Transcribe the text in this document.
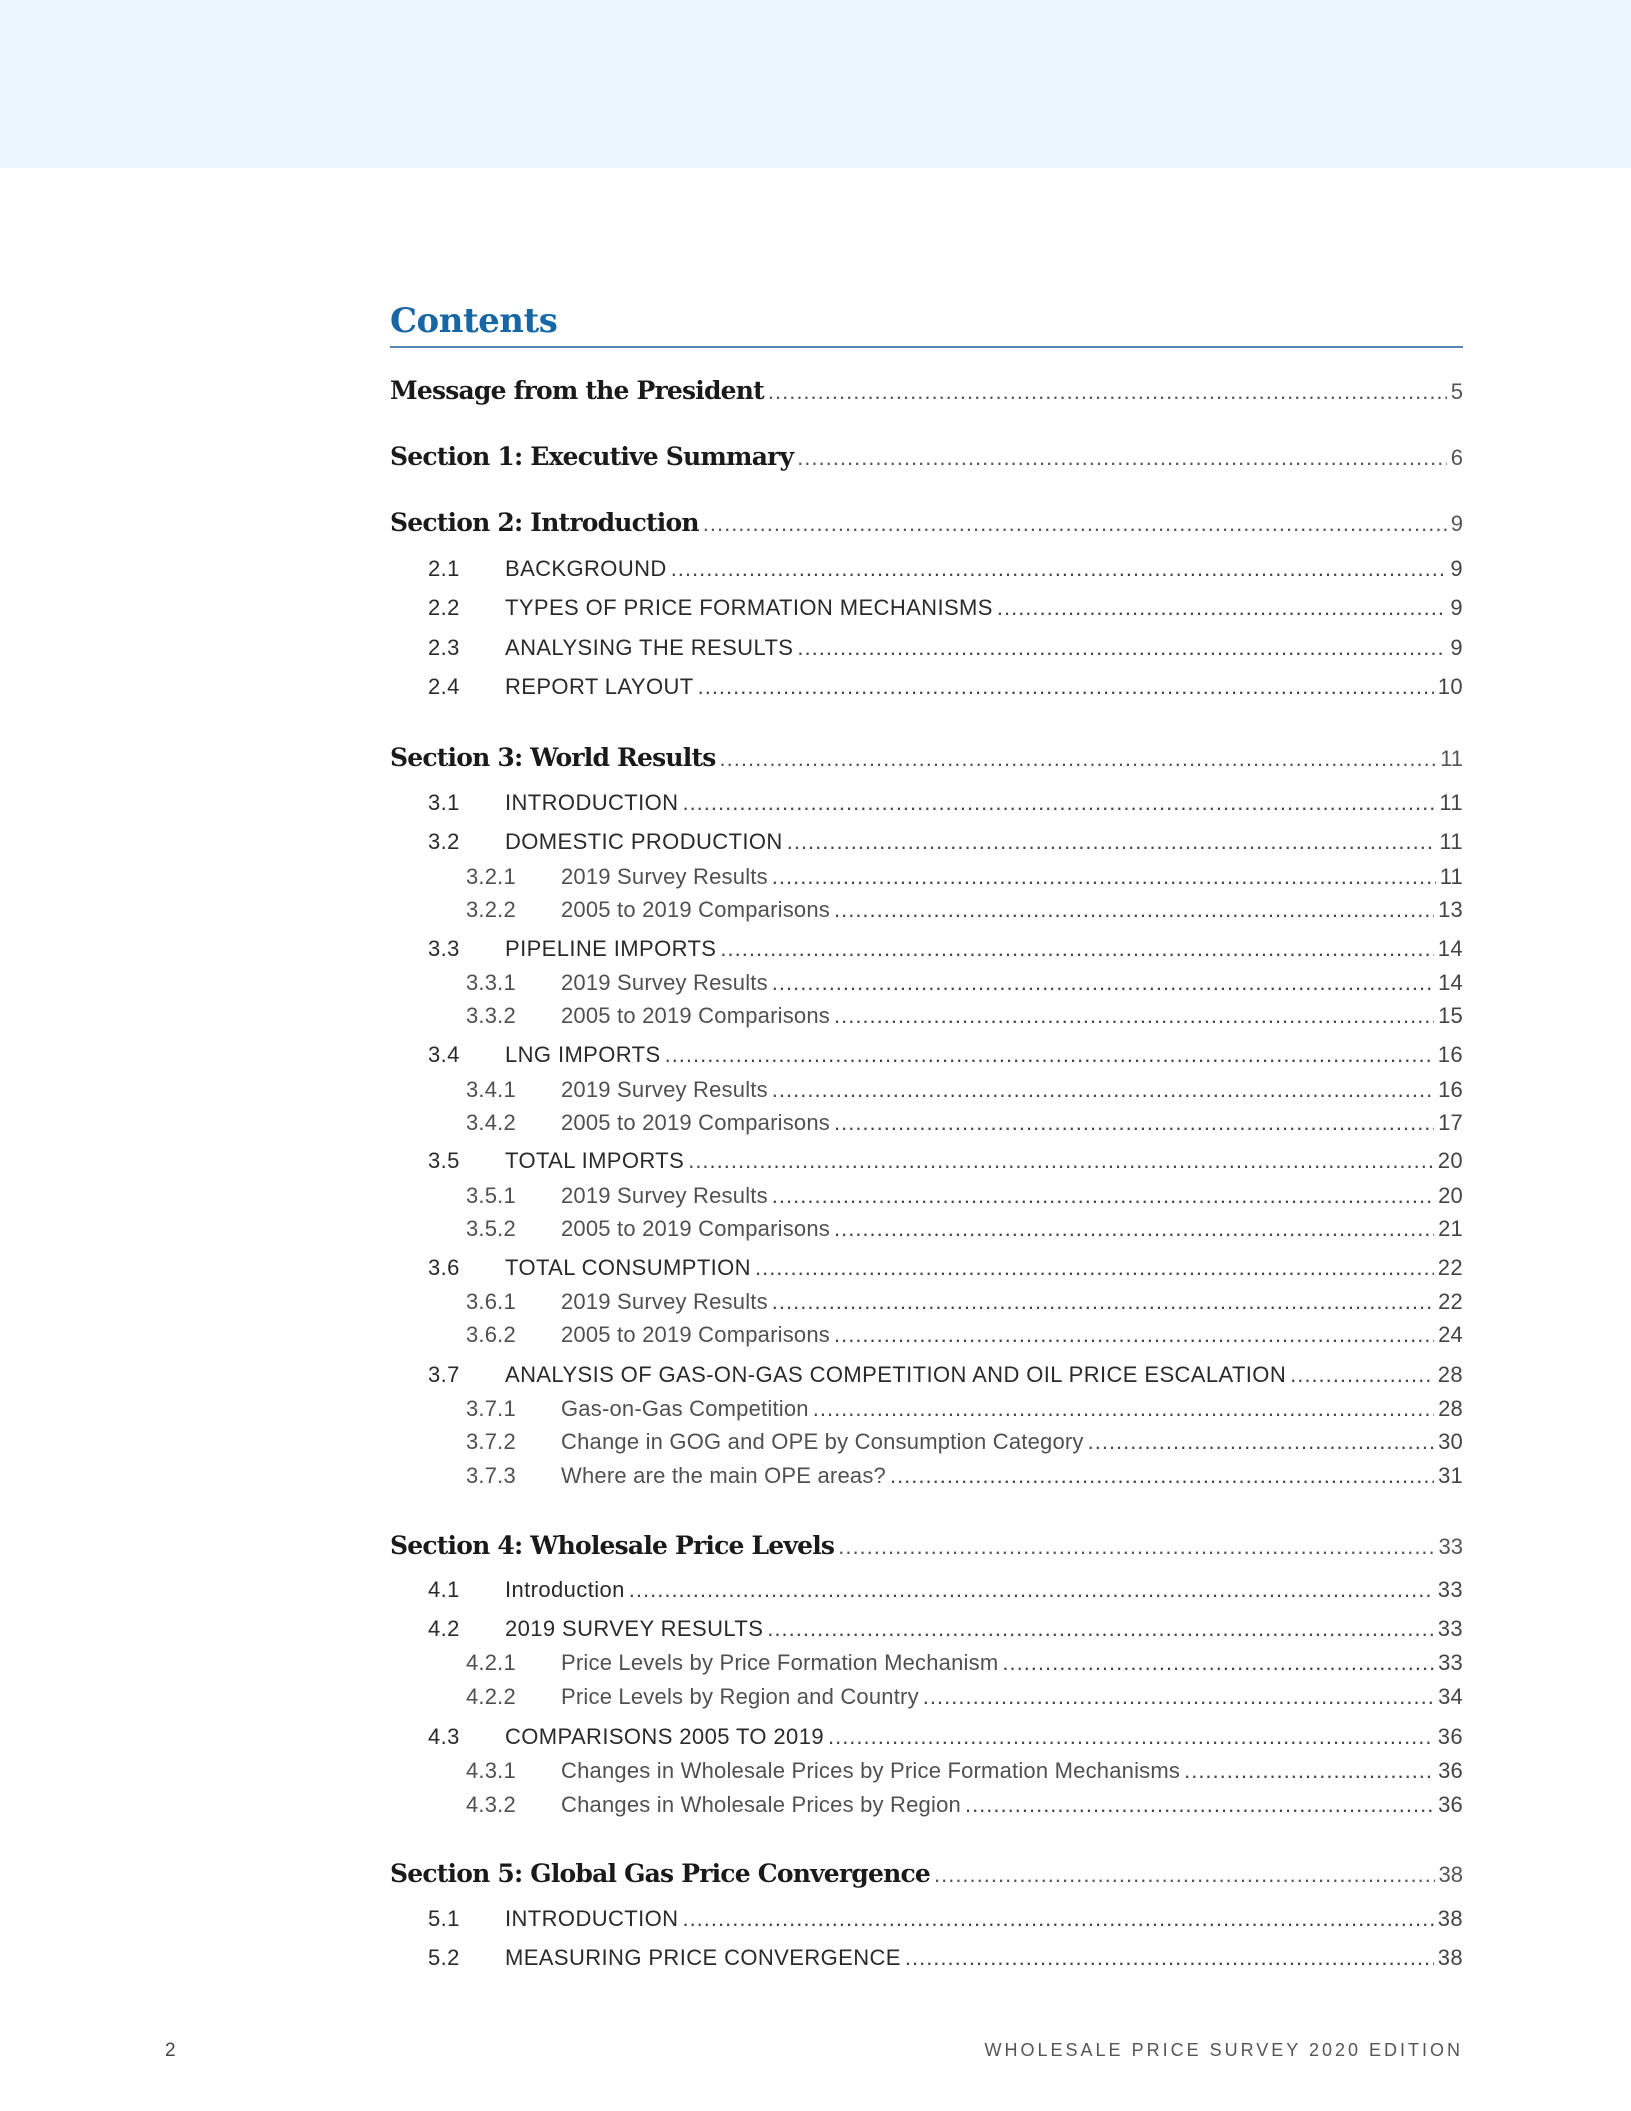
Contents
Message from the President .....	5
Section 1: Executive Summary .....	6
Section 2: Introduction .....	9
2.1 BACKGROUND .....	9
2.2 TYPES OF PRICE FORMATION MECHANISMS .....	9
2.3 ANALYSING THE RESULTS .....	9
2.4 REPORT LAYOUT .....	10
Section 3: World Results .....	11
3.1 INTRODUCTION .....	11
3.2 DOMESTIC PRODUCTION .....	11
3.2.1 2019 Survey Results .....	11
3.2.2 2005 to 2019 Comparisons .....	13
3.3 PIPELINE IMPORTS .....	14
3.3.1 2019 Survey Results .....	14
3.3.2 2005 to 2019 Comparisons .....	15
3.4 LNG IMPORTS .....	16
3.4.1 2019 Survey Results .....	16
3.4.2 2005 to 2019 Comparisons .....	17
3.5 TOTAL IMPORTS .....	20
3.5.1 2019 Survey Results .....	20
3.5.2 2005 to 2019 Comparisons .....	21
3.6 TOTAL CONSUMPTION .....	22
3.6.1 2019 Survey Results .....	22
3.6.2 2005 to 2019 Comparisons .....	24
3.7 ANALYSIS OF GAS-ON-GAS COMPETITION AND OIL PRICE ESCALATION .....	28
3.7.1 Gas-on-Gas Competition .....	28
3.7.2 Change in GOG and OPE by Consumption Category .....	30
3.7.3 Where are the main OPE areas? .....	31
Section 4: Wholesale Price Levels .....	33
4.1 Introduction .....	33
4.2 2019 SURVEY RESULTS .....	33
4.2.1 Price Levels by Price Formation Mechanism .....	33
4.2.2 Price Levels by Region and Country .....	34
4.3 COMPARISONS 2005 TO 2019 .....	36
4.3.1 Changes in Wholesale Prices by Price Formation Mechanisms .....	36
4.3.2 Changes in Wholesale Prices by Region .....	36
Section 5: Global Gas Price Convergence .....	38
5.1 INTRODUCTION .....	38
5.2 MEASURING PRICE CONVERGENCE .....	38
2	WHOLESALE PRICE SURVEY 2020 EDITION
